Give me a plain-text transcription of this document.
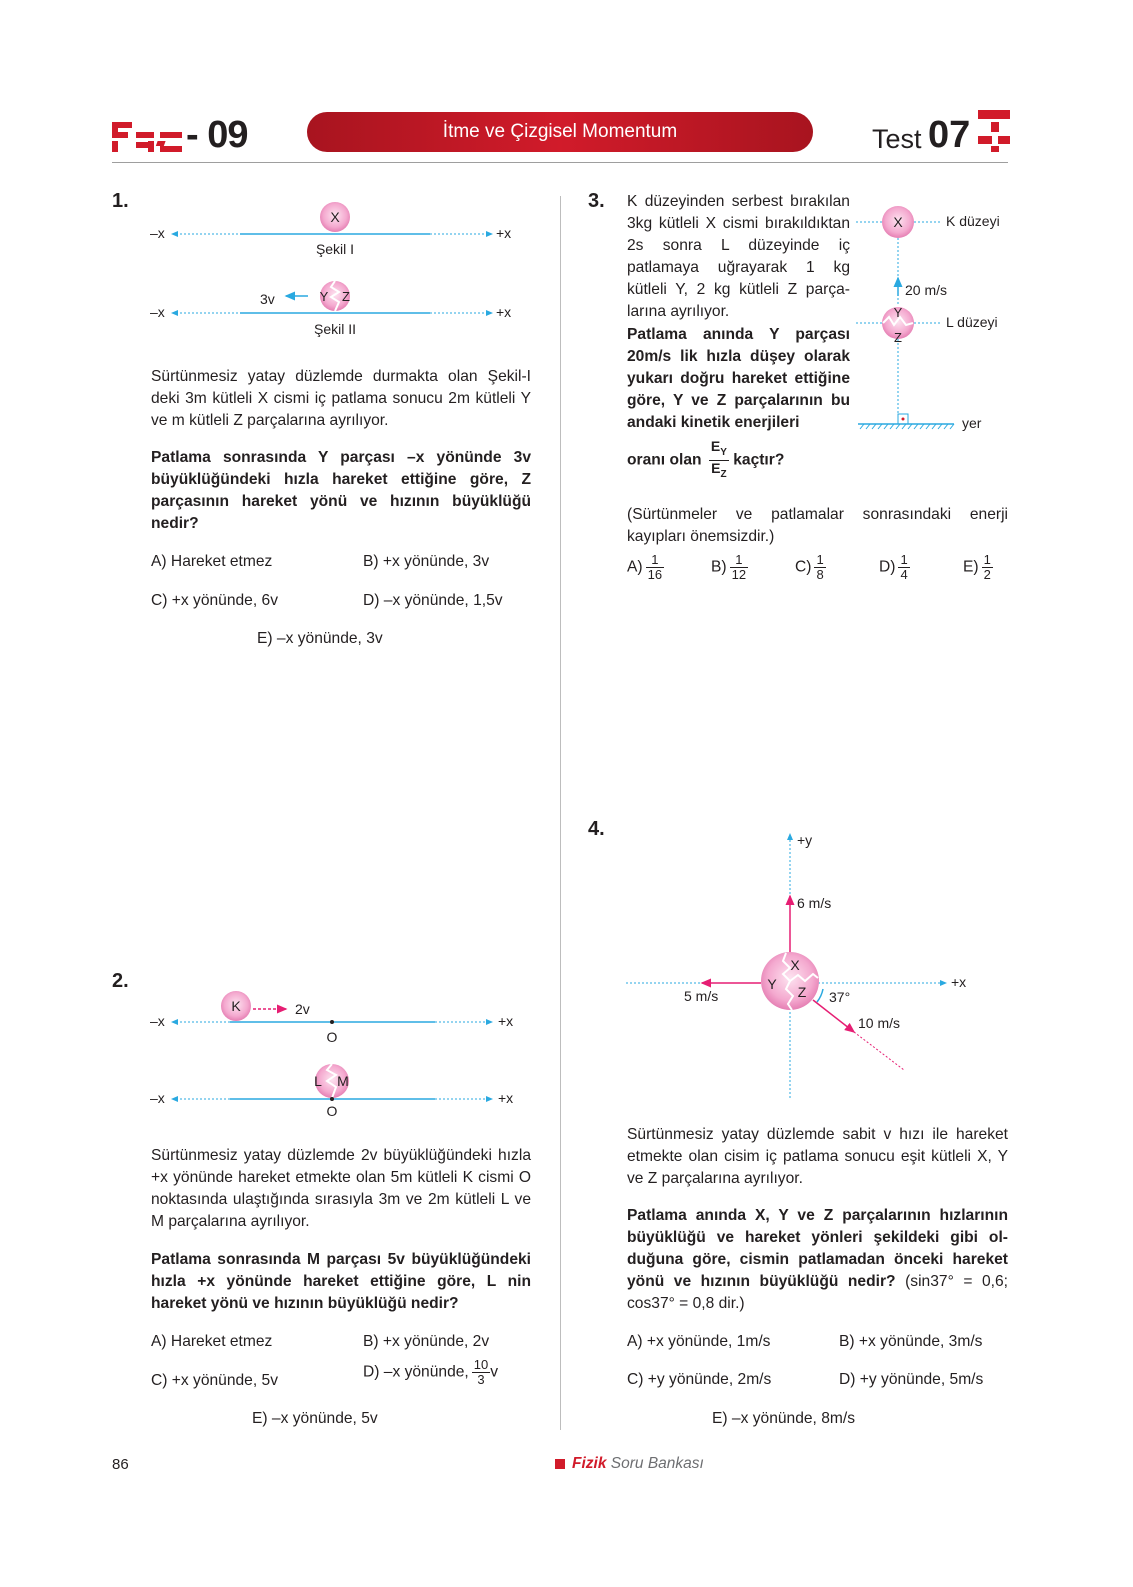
- 09	İtme ve Çizgisel Momentum	Test 07
1.
–x	+x
X
Şekil I
–x	+x
Y Z
3v
Şekil II
Sürtünmesiz yatay düzlemde durmakta olan Şekil-I deki 3m kütleli X cismi iç patlama sonucu 2m kütleli Y ve m kütleli Z parçalarına ayrılıyor.
Patlama sonrasında Y parçası –x yönünde 3v büyüklüğündeki hızla hareket ettiğine göre, Z parçasının hareket yönü ve hızının büyüklüğü nedir?
A) Hareket etmez	B) +x yönünde, 3v
C) +x yönünde, 6v	D) –x yönünde, 1,5v
E) –x yönünde, 3v
2.
–x	+x
K	2v
O
–x	+x
L M
O
Sürtünmesiz yatay düzlemde 2v büyüklüğündeki hızla +x yönünde hareket etmekte olan 5m kütleli K cismi O noktasında ulaştığında sırasıyla 3m ve 2m kütleli L ve M parçalarına ayrılıyor.
Patlama sonrasında M parçası 5v büyüklüğündeki hızla +x yönünde hareket ettiğine göre, L nin hareket yönü ve hızının büyüklüğü nedir?
A) Hareket etmez	B) +x yönünde, 2v
C) +x yönünde, 5v	D) –x yönünde, $\frac{10}{3}$ v
E) –x yönünde, 5v
3. K düzeyinden serbest bırakılan 3kg kütleli X cismi bırakıldıktan 2s sonra L düzeyinde iç patlamaya uğrayarak 1 kg kütleli Y, 2 kg kütleli Z parçalarına ayrılıyor.
Patlama anında Y parçası 20m/s lik hızla düşey olarak yukarı doğru hareket ettiğine göre, Y ve Z parçalarının bu andaki kinetik enerjileri
oranı olan $\frac{E_Y}{E_Z}$ kaçtır?
X	K düzeyi
20 m/s
Y
Z
L düzeyi
yer
(Sürtünmeler ve patlamalar sonrasındaki enerji kayıpları önemsizdir.)
$A) \frac{1}{16}$	$B) \frac{1}{12}$	$C) \frac{1}{8}$	$D) \frac{1}{4}$	$E) \frac{1}{2}$
4.	+y
+x
6 m/s
5 m/s
10 m/s
37°
X
Y Z
Sürtünmesiz yatay düzlemde sabit v hızı ile hareket etmekte olan cisim iç patlama sonucu eşit kütleli X, Y ve Z parçalarına ayrılıyor.
Patlama anında X, Y ve Z parçalarının hızlarının büyüklüğü ve hareket yönleri şekildeki gibi olduğuna göre, cismin patlamadan önceki hareket yönü ve hızının büyüklüğü nedir? (sin37° = 0,6; cos37° = 0,8 dir.)
A) +x yönünde, 1m/s	B) +x yönünde, 3m/s
C) +y yönünde, 2m/s	D) +y yönünde, 5m/s
E) –x yönünde, 8m/s
86	Fizik Soru Bankası
